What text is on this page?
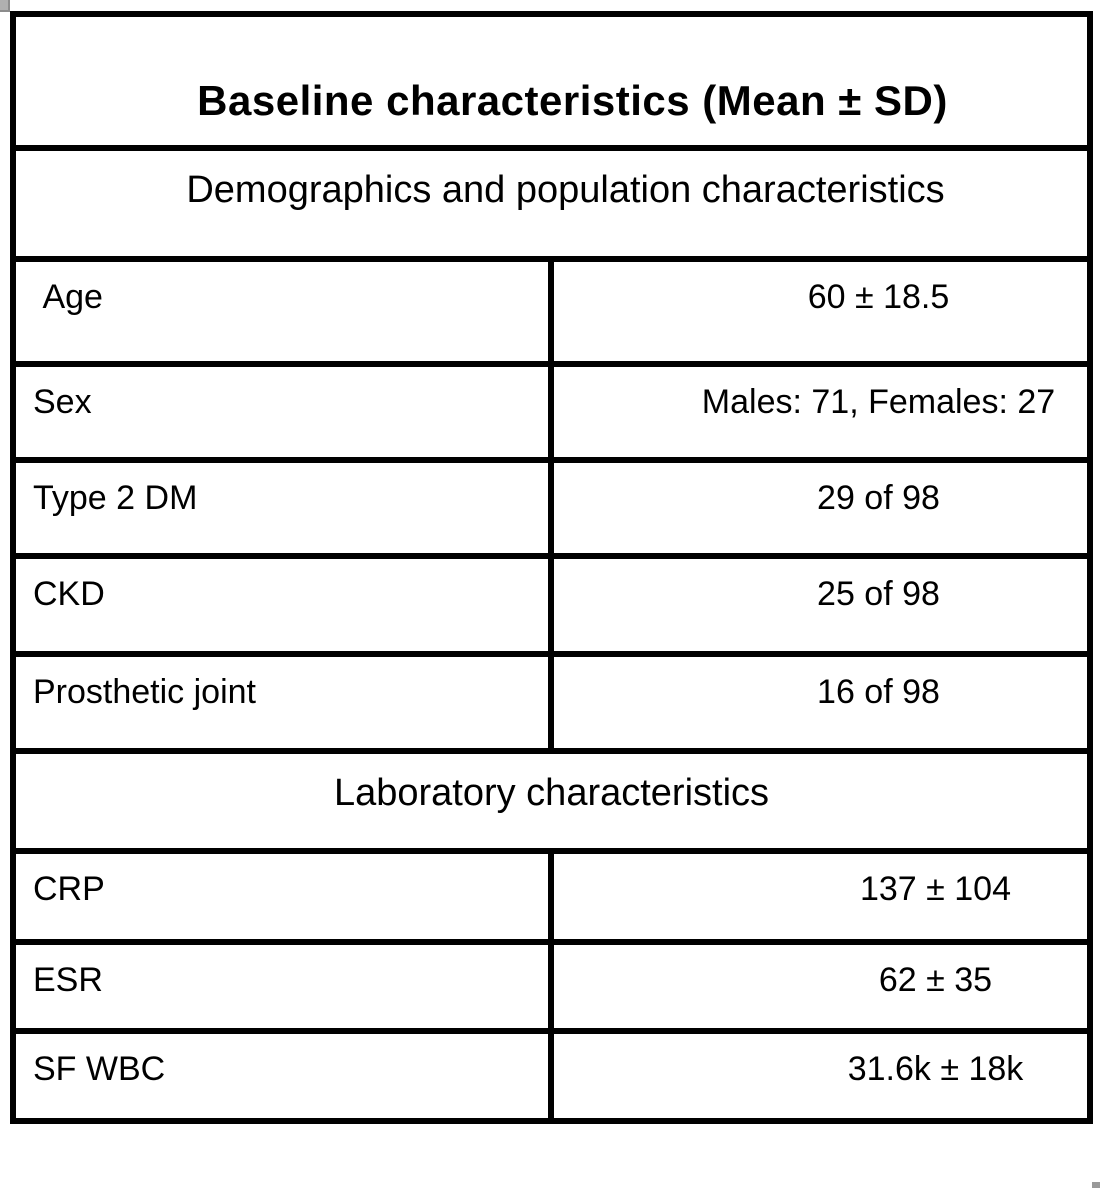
Baseline characteristics (Mean ± SD)
Demographics and population characteristics
Age	60 ± 18.5
Sex	Males: 71, Females: 27
Type 2 DM	29 of 98
CKD	25 of 98
Prosthetic joint	16 of 98
Laboratory characteristics
CRP	137 ± 104
ESR	62 ± 35
SF WBC	31.6k ± 18k
